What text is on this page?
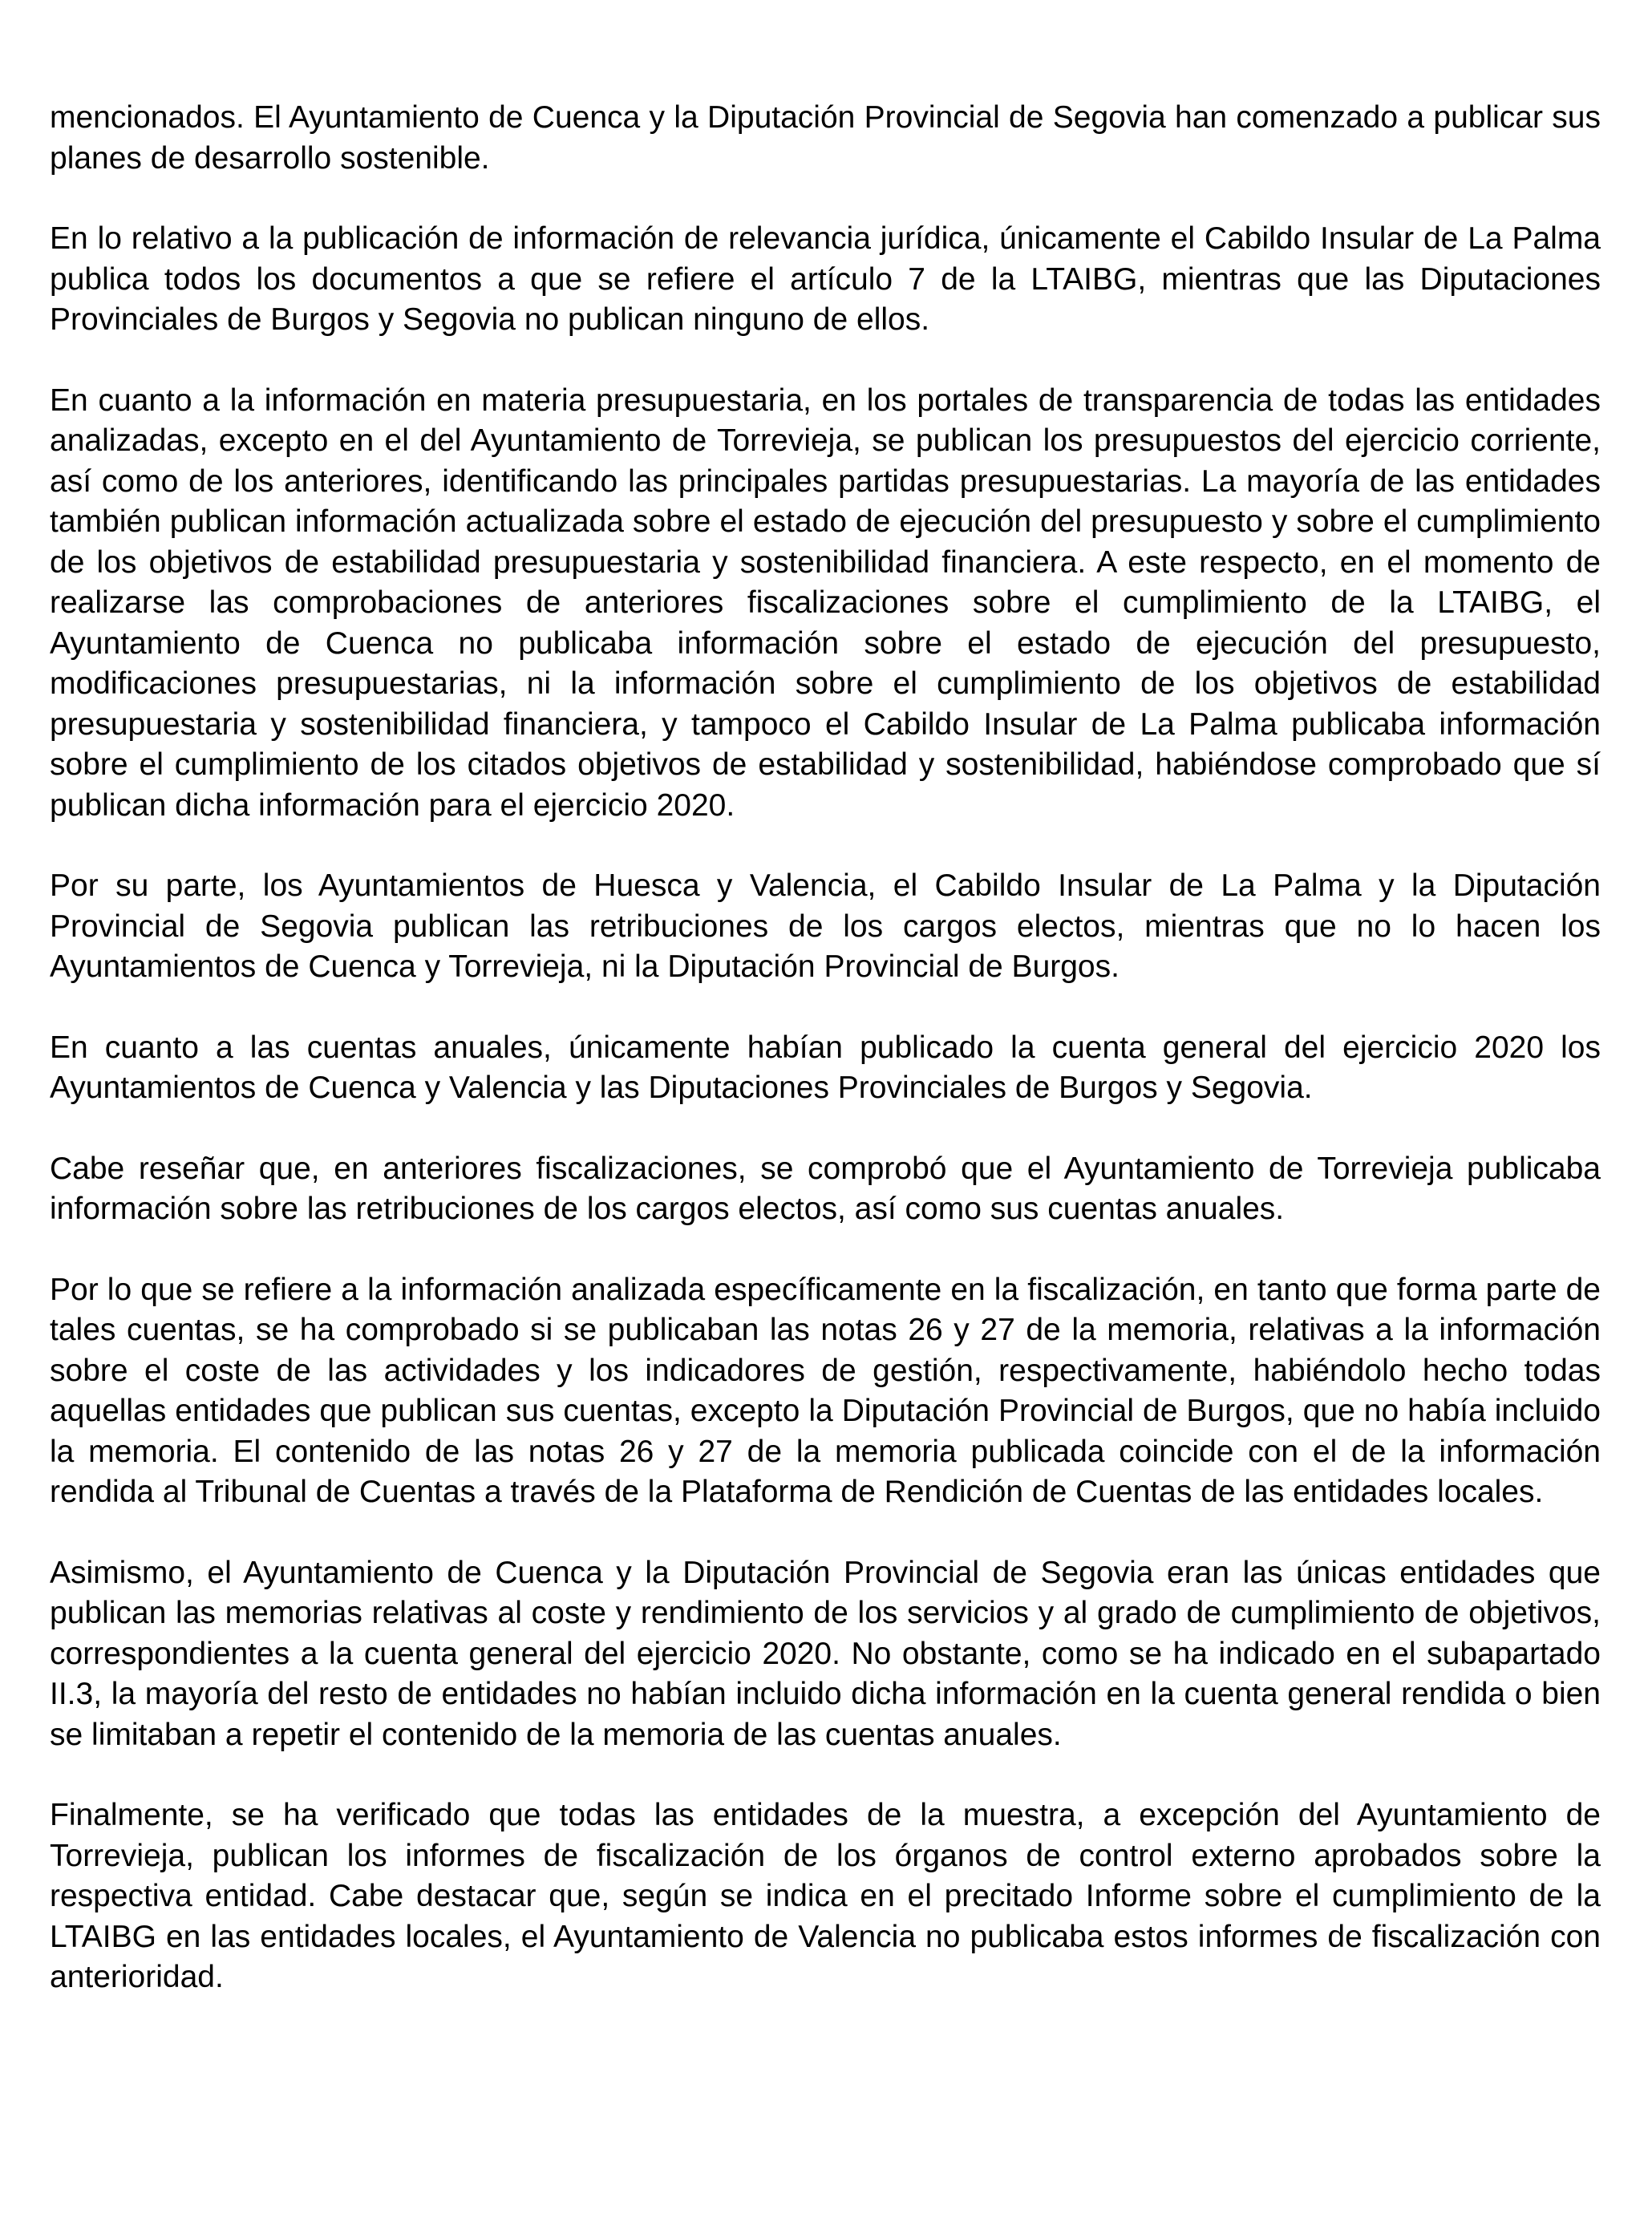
mencionados. El Ayuntamiento de Cuenca y la Diputación Provincial de Segovia han comenzado a publicar sus planes de desarrollo sostenible.

En lo relativo a la publicación de información de relevancia jurídica, únicamente el Cabildo Insular de La Palma publica todos los documentos a que se refiere el artículo 7 de la LTAIBG, mientras que las Diputaciones Provinciales de Burgos y Segovia no publican ninguno de ellos.

En cuanto a la información en materia presupuestaria, en los portales de transparencia de todas las entidades analizadas, excepto en el del Ayuntamiento de Torrevieja, se publican los presupuestos del ejercicio corriente, así como de los anteriores, identificando las principales partidas presupuestarias. La mayoría de las entidades también publican información actualizada sobre el estado de ejecución del presupuesto y sobre el cumplimiento de los objetivos de estabilidad presupuestaria y sostenibilidad financiera. A este respecto, en el momento de realizarse las comprobaciones de anteriores fiscalizaciones sobre el cumplimiento de la LTAIBG, el Ayuntamiento de Cuenca no publicaba información sobre el estado de ejecución del presupuesto, modificaciones presupuestarias, ni la información sobre el cumplimiento de los objetivos de estabilidad presupuestaria y sostenibilidad financiera, y tampoco el Cabildo Insular de La Palma publicaba información sobre el cumplimiento de los citados objetivos de estabilidad y sostenibilidad, habiéndose comprobado que sí publican dicha información para el ejercicio 2020.

Por su parte, los Ayuntamientos de Huesca y Valencia, el Cabildo Insular de La Palma y la Diputación Provincial de Segovia publican las retribuciones de los cargos electos, mientras que no lo hacen los Ayuntamientos de Cuenca y Torrevieja, ni la Diputación Provincial de Burgos.

En cuanto a las cuentas anuales, únicamente habían publicado la cuenta general del ejercicio 2020 los Ayuntamientos de Cuenca y Valencia y las Diputaciones Provinciales de Burgos y Segovia.

Cabe reseñar que, en anteriores fiscalizaciones, se comprobó que el Ayuntamiento de Torrevieja publicaba información sobre las retribuciones de los cargos electos, así como sus cuentas anuales.

Por lo que se refiere a la información analizada específicamente en la fiscalización, en tanto que forma parte de tales cuentas, se ha comprobado si se publicaban las notas 26 y 27 de la memoria, relativas a la información sobre el coste de las actividades y los indicadores de gestión, respectivamente, habiéndolo hecho todas aquellas entidades que publican sus cuentas, excepto la Diputación Provincial de Burgos, que no había incluido la memoria. El contenido de las notas 26 y 27 de la memoria publicada coincide con el de la información rendida al Tribunal de Cuentas a través de la Plataforma de Rendición de Cuentas de las entidades locales.

Asimismo, el Ayuntamiento de Cuenca y la Diputación Provincial de Segovia eran las únicas entidades que publican las memorias relativas al coste y rendimiento de los servicios y al grado de cumplimiento de objetivos, correspondientes a la cuenta general del ejercicio 2020. No obstante, como se ha indicado en el subapartado II.3, la mayoría del resto de entidades no habían incluido dicha información en la cuenta general rendida o bien se limitaban a repetir el contenido de la memoria de las cuentas anuales.

Finalmente, se ha verificado que todas las entidades de la muestra, a excepción del Ayuntamiento de Torrevieja, publican los informes de fiscalización de los órganos de control externo aprobados sobre la respectiva entidad. Cabe destacar que, según se indica en el precitado Informe sobre el cumplimiento de la LTAIBG en las entidades locales, el Ayuntamiento de Valencia no publicaba estos informes de fiscalización con anterioridad.
